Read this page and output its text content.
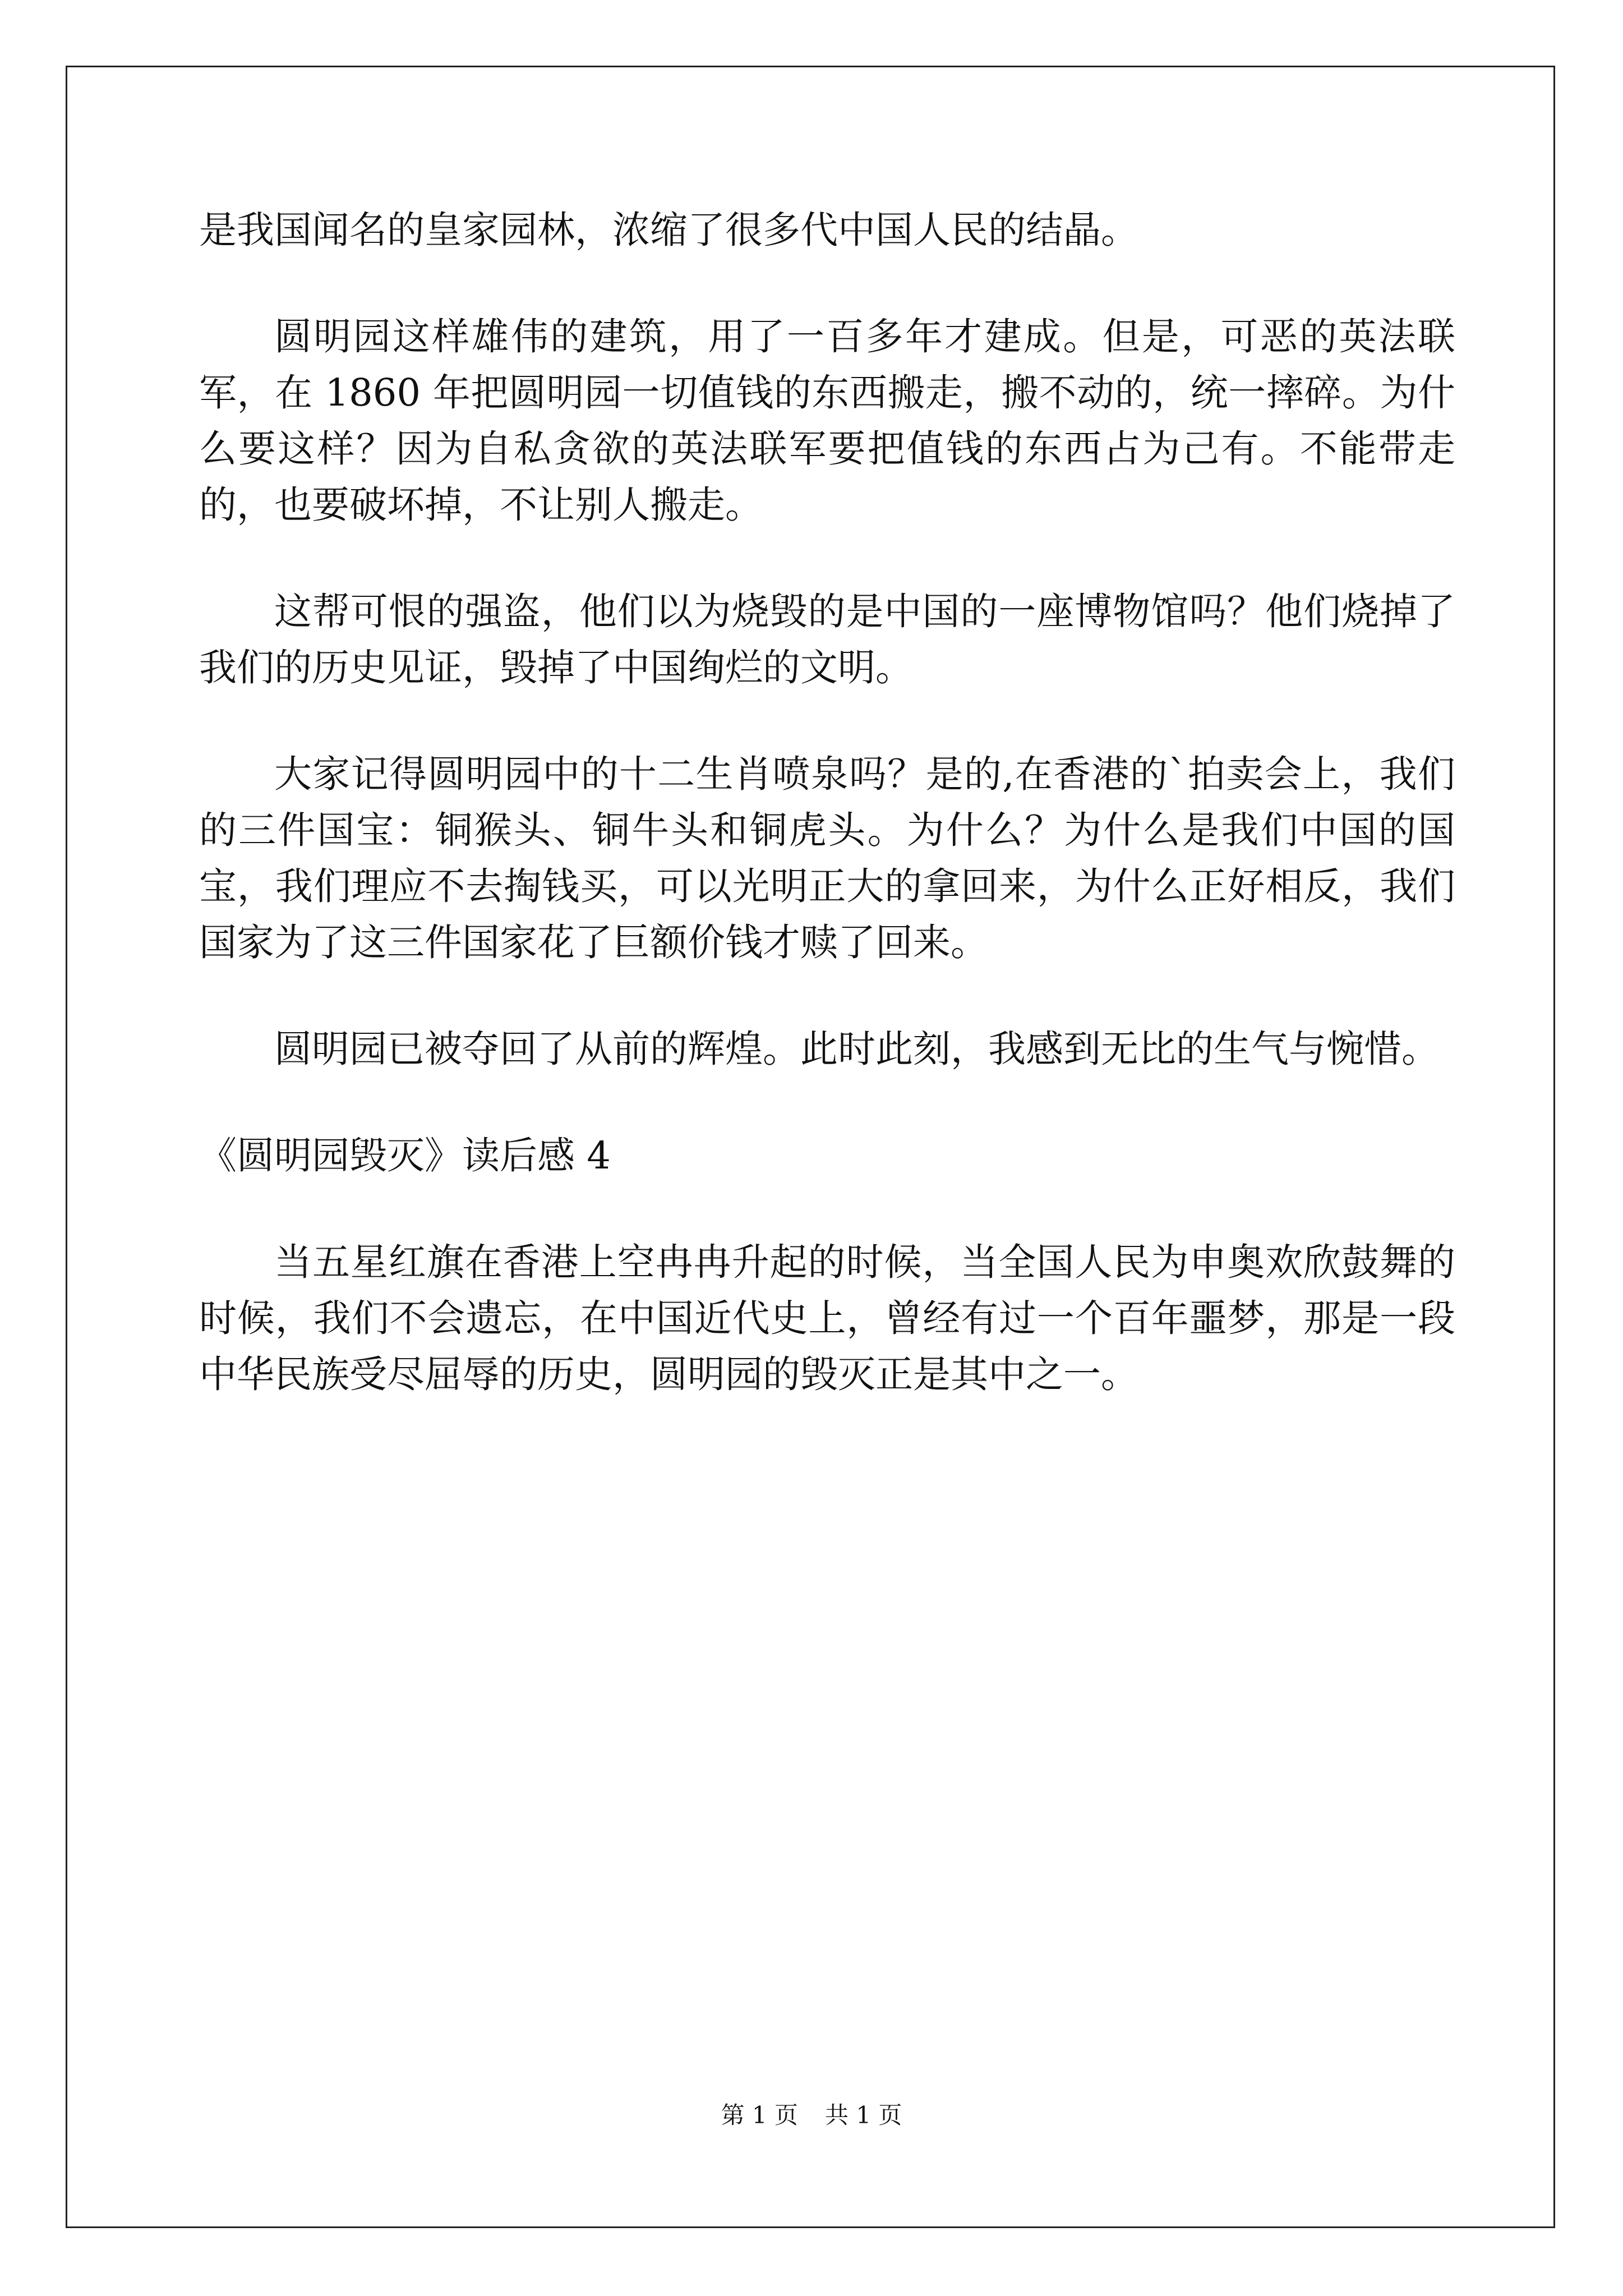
是我国闻名的皇家园林，浓缩了很多代中国人民的结晶。

圆明园这样雄伟的建筑，用了一百多年才建成。但是，可恶的英法联军，在 1860 年把圆明园一切值钱的东西搬走，搬不动的，统一摔碎。为什么要这样？因为自私贪欲的英法联军要把值钱的东西占为己有。不能带走的，也要破坏掉，不让别人搬走。

这帮可恨的强盗，他们以为烧毁的是中国的一座博物馆吗？他们烧掉了我们的历史见证，毁掉了中国绚烂的文明。

大家记得圆明园中的十二生肖喷泉吗？是的,在香港的`拍卖会上，我们的三件国宝：铜猴头、铜牛头和铜虎头。为什么？为什么是我们中国的国宝，我们理应不去掏钱买，可以光明正大的拿回来，为什么正好相反，我们国家为了这三件国家花了巨额价钱才赎了回来。

圆明园已被夺回了从前的辉煌。此时此刻，我感到无比的生气与惋惜。

《圆明园毁灭》读后感 4

当五星红旗在香港上空冉冉升起的时候，当全国人民为申奥欢欣鼓舞的时候，我们不会遗忘，在中国近代史上，曾经有过一个百年噩梦，那是一段中华民族受尽屈辱的历史，圆明园的毁灭正是其中之一。

第 1 页 共 1 页
